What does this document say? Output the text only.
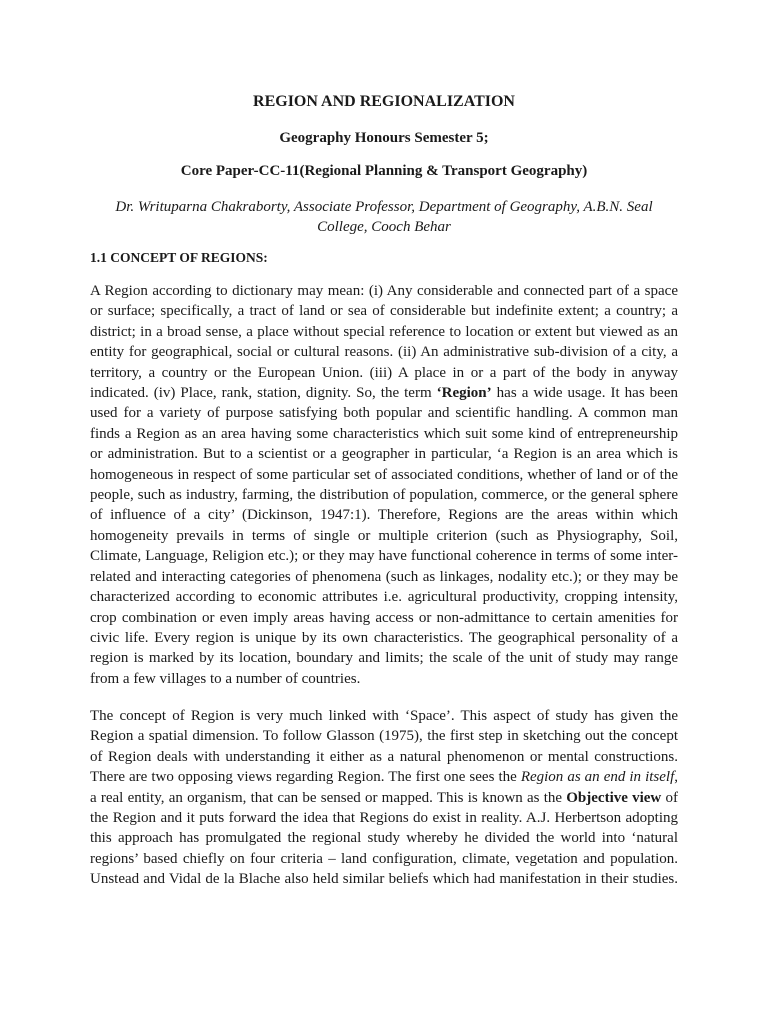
REGION AND REGIONALIZATION

Geography Honours Semester 5;

Core Paper-CC-11(Regional Planning & Transport Geography)

Dr. Writuparna Chakraborty, Associate Professor, Department of Geography, A.B.N. Seal College, Cooch Behar

1.1 CONCEPT OF REGIONS:
A Region according to dictionary may mean: (i) Any considerable and connected part of a space
or surface; specifically, a tract of land or sea of considerable but indefinite extent; a country; a
district; in a broad sense, a place without special reference to location or extent but viewed as an
entity for geographical, social or cultural reasons. (ii) An administrative sub-division of a city, a
territory, a country or the European Union. (iii) A place in or a part of the body in anyway
indicated. (iv) Place, rank, station, dignity. So, the term ‘Region’ has a wide usage. It has been
used for a variety of purpose satisfying both popular and scientific handling. A common man
finds a Region as an area having some characteristics which suit some kind of entrepreneurship
or administration. But to a scientist or a geographer in particular, ‘a Region is an area which is
homogeneous in respect of some particular set of associated conditions, whether of land or of the
people, such as industry, farming, the distribution of population, commerce, or the general sphere
of influence of a city’ (Dickinson, 1947:1). Therefore, Regions are the areas within which
homogeneity prevails in terms of single or multiple criterion (such as Physiography, Soil,
Climate, Language, Religion etc.); or they may have functional coherence in terms of some inter-
related and interacting categories of phenomena (such as linkages, nodality etc.); or they may be
characterized according to economic attributes i.e. agricultural productivity, cropping intensity,
crop combination or even imply areas having access or non-admittance to certain amenities for
civic life. Every region is unique by its own characteristics. The geographical personality of a
region is marked by its location, boundary and limits; the scale of the unit of study may range
from a few villages to a number of countries.
The concept of Region is very much linked with ‘Space’. This aspect of study has given the
Region a spatial dimension. To follow Glasson (1975), the first step in sketching out the concept
of Region deals with understanding it either as a natural phenomenon or mental constructions.
There are two opposing views regarding Region. The first one sees the Region as an end in itself,
a real entity, an organism, that can be sensed or mapped. This is known as the Objective view of
the Region and it puts forward the idea that Regions do exist in reality. A.J. Herbertson adopting
this approach has promulgated the regional study whereby he divided the world into ‘natural
regions’ based chiefly on four criteria – land configuration, climate, vegetation and population.
Unstead and Vidal de la Blache also held similar beliefs which had manifestation in their studies.
